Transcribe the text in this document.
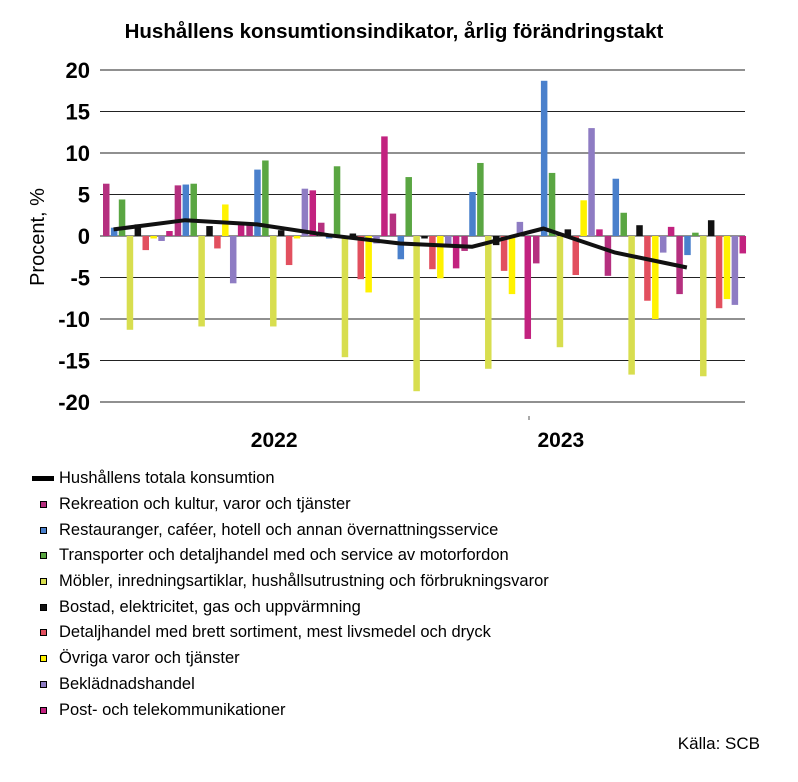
Hushållens konsumtionsindikator, årlig förändringstakt
Procent, %
20
15
10
5
0
-5
-10
-15
-20
2022	2023
Hushållens totala konsumtion
Rekreation och kultur, varor och tjänster
Restauranger, caféer, hotell och annan övernattningsservice
Transporter och detaljhandel med och service av motorfordon
Möbler, inredningsartiklar, hushållsutrustning och förbrukningsvaror
Bostad, elektricitet, gas och uppvärmning
Detaljhandel med brett sortiment, mest livsmedel och dryck
Övriga varor och tjänster
Beklädnadshandel
Post- och telekommunikationer
Källa: SCB
